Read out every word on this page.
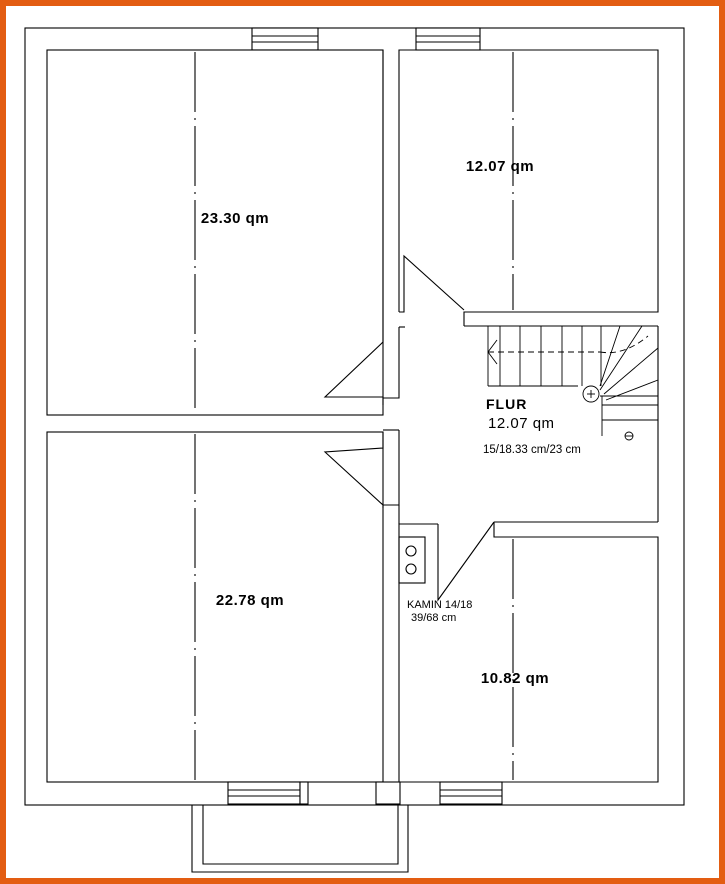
23.30 qm
12.07 qm
22.78 qm
10.82 qm
FLUR
12.07 qm
15/18.33 cm/23 cm
KAMIN 14/18
39/68 cm
